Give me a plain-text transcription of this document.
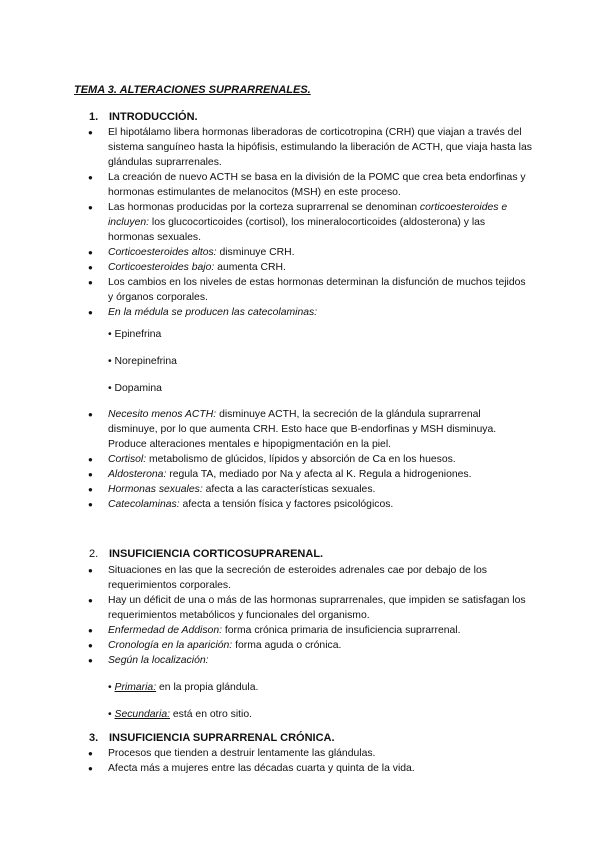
TEMA 3. ALTERACIONES SUPRARRENALES.
1. INTRODUCCIÓN.
● El hipotálamo libera hormonas liberadoras de corticotropina (CRH) que viajan a través del sistema sanguíneo hasta la hipófisis, estimulando la liberación de ACTH, que viaja hasta las glándulas suprarrenales.
● La creación de nuevo ACTH se basa en la división de la POMC que crea beta endorfinas y hormonas estimulantes de melanocitos (MSH) en este proceso.
● Las hormonas producidas por la corteza suprarrenal se denominan corticoesteroides e incluyen: los glucocorticoides (cortisol), los mineralocorticoides (aldosterona) y las hormonas sexuales.
● Corticoesteroides altos: disminuye CRH.
● Corticoesteroides bajo: aumenta CRH.
● Los cambios en los niveles de estas hormonas determinan la disfunción de muchos tejidos y órganos corporales.
● En la médula se producen las catecolaminas:
• Epinefrina
• Norepinefrina
• Dopamina
● Necesito menos ACTH: disminuye ACTH, la secreción de la glándula suprarrenal disminuye, por lo que aumenta CRH. Esto hace que B-endorfinas y MSH disminuya. Produce alteraciones mentales e hipopigmentación en la piel.
● Cortisol: metabolismo de glúcidos, lípidos y absorción de Ca en los huesos.
● Aldosterona: regula TA, mediado por Na y afecta al K. Regula a hidrogeniones.
● Hormonas sexuales: afecta a las características sexuales.
● Catecolaminas: afecta a tensión física y factores psicológicos.
2. INSUFICIENCIA CORTICOSUPRARENAL.
● Situaciones en las que la secreción de esteroides adrenales cae por debajo de los requerimientos corporales.
● Hay un déficit de una o más de las hormonas suprarrenales, que impiden se satisfagan los requerimientos metabólicos y funcionales del organismo.
● Enfermedad de Addison: forma crónica primaria de insuficiencia suprarrenal.
● Cronología en la aparición: forma aguda o crónica.
● Según la localización:
• Primaria: en la propia glándula.
• Secundaria: está en otro sitio.
3. INSUFICIENCIA SUPRARRENAL CRÓNICA.
● Procesos que tienden a destruir lentamente las glándulas.
● Afecta más a mujeres entre las décadas cuarta y quinta de la vida.
